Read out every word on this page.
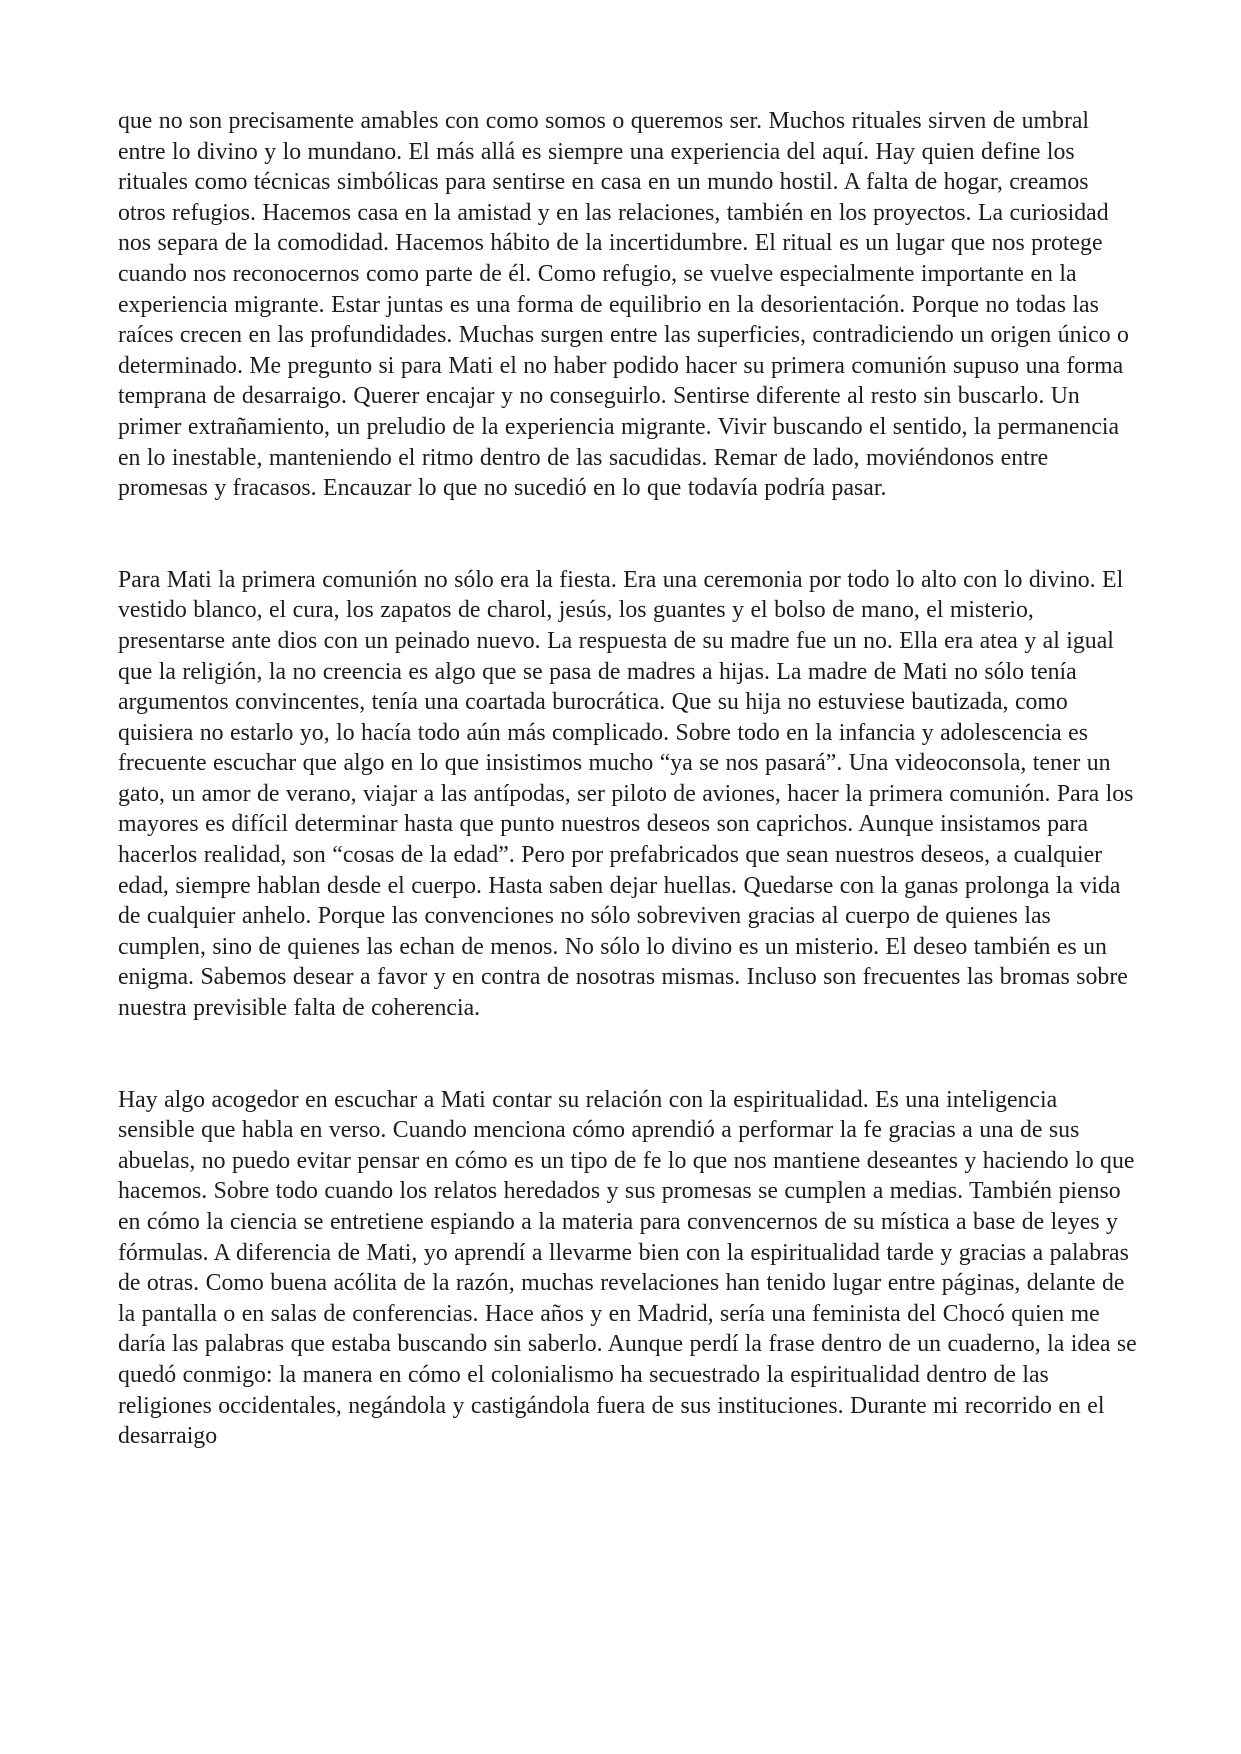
que no son precisamente amables con como somos o queremos ser. Muchos rituales sirven de umbral entre lo divino y lo mundano. El más allá es siempre una experiencia del aquí. Hay quien define los rituales como técnicas simbólicas para sentirse en casa en un mundo hostil. A falta de hogar, creamos otros refugios. Hacemos casa en la amistad y en las relaciones, también en los proyectos. La curiosidad nos separa de la comodidad. Hacemos hábito de la incertidumbre. El ritual es un lugar que nos protege cuando nos reconocernos como parte de él. Como refugio, se vuelve especialmente importante en la experiencia migrante. Estar juntas es una forma de equilibrio en la desorientación. Porque no todas las raíces crecen en las profundidades. Muchas surgen entre las superficies, contradiciendo un origen único o determinado. Me pregunto si para Mati el no haber podido hacer su primera comunión supuso una forma temprana de desarraigo. Querer encajar y no conseguirlo. Sentirse diferente al resto sin buscarlo. Un primer extrañamiento, un preludio de la experiencia migrante. Vivir buscando el sentido, la permanencia en lo inestable, manteniendo el ritmo dentro de las sacudidas. Remar de lado, moviéndonos entre promesas y fracasos. Encauzar lo que no sucedió en lo que todavía podría pasar.

Para Mati la primera comunión no sólo era la fiesta. Era una ceremonia por todo lo alto con lo divino. El vestido blanco, el cura, los zapatos de charol, jesús, los guantes y el bolso de mano, el misterio, presentarse ante dios con un peinado nuevo. La respuesta de su madre fue un no. Ella era atea y al igual que la religión, la no creencia es algo que se pasa de madres a hijas. La madre de Mati no sólo tenía argumentos convincentes, tenía una coartada burocrática. Que su hija no estuviese bautizada, como quisiera no estarlo yo, lo hacía todo aún más complicado. Sobre todo en la infancia y adolescencia es frecuente escuchar que algo en lo que insistimos mucho “ya se nos pasará”. Una videoconsola, tener un gato, un amor de verano, viajar a las antípodas, ser piloto de aviones, hacer la primera comunión. Para los mayores es difícil determinar hasta que punto nuestros deseos son caprichos. Aunque insistamos para hacerlos realidad, son “cosas de la edad”. Pero por prefabricados que sean nuestros deseos, a cualquier edad, siempre hablan desde el cuerpo. Hasta saben dejar huellas. Quedarse con la ganas prolonga la vida de cualquier anhelo. Porque las convenciones no sólo sobreviven gracias al cuerpo de quienes las cumplen, sino de quienes las echan de menos. No sólo lo divino es un misterio. El deseo también es un enigma. Sabemos desear a favor y en contra de nosotras mismas. Incluso son frecuentes las bromas sobre nuestra previsible falta de coherencia.

Hay algo acogedor en escuchar a Mati contar su relación con la espiritualidad. Es una inteligencia sensible que habla en verso. Cuando menciona cómo aprendió a performar la fe gracias a una de sus abuelas, no puedo evitar pensar en cómo es un tipo de fe lo que nos mantiene deseantes y haciendo lo que hacemos. Sobre todo cuando los relatos heredados y sus promesas se cumplen a medias. También pienso en cómo la ciencia se entretiene espiando a la materia para convencernos de su mística a base de leyes y fórmulas. A diferencia de Mati, yo aprendí a llevarme bien con la espiritualidad tarde y gracias a palabras de otras. Como buena acólita de la razón, muchas revelaciones han tenido lugar entre páginas, delante de la pantalla o en salas de conferencias. Hace años y en Madrid, sería una feminista del Chocó quien me daría las palabras que estaba buscando sin saberlo. Aunque perdí la frase dentro de un cuaderno, la idea se quedó conmigo: la manera en cómo el colonialismo ha secuestrado la espiritualidad dentro de las religiones occidentales, negándola y castigándola fuera de sus instituciones. Durante mi recorrido en el desarraigo
